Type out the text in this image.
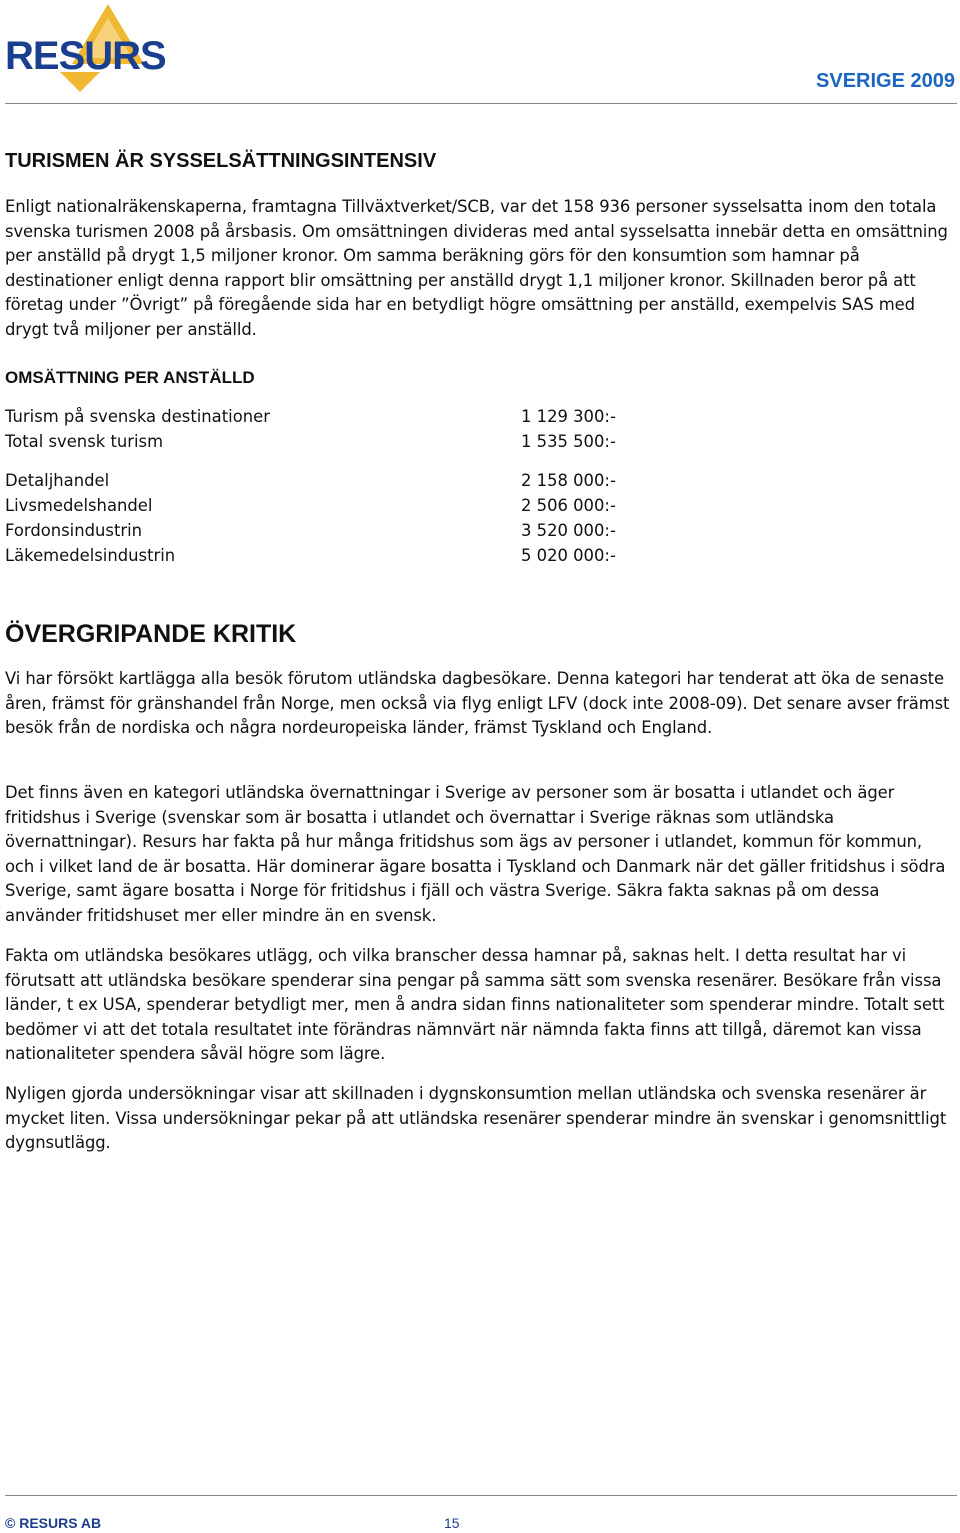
RESURS
SVERIGE 2009
TURISMEN ÄR SYSSELSÄTTNINGSINTENSIV

Enligt nationalräkenskaperna, framtagna Tillväxtverket/SCB, var det 158 936 personer sysselsatta inom den totala svenska turismen 2008 på årsbasis. Om omsättningen divideras med antal sysselsatta innebär detta en omsättning per anställd på drygt 1,5 miljoner kronor. Om samma beräkning görs för den konsumtion som hamnar på destinationer enligt denna rapport blir omsättning per anställd drygt 1,1 miljoner kronor. Skillnaden beror på att företag under ”Övrigt” på föregående sida har en betydligt högre omsättning per anställd, exempelvis SAS med drygt två miljoner per anställd.

OMSÄTTNING PER ANSTÄLLD
Turism på svenska destinationer	1 129 300:-
Total svensk turism	1 535 500:-
Detaljhandel	2 158 000:-
Livsmedelshandel	2 506 000:-
Fordonsindustrin	3 520 000:-
Läkemedelsindustrin	5 020 000:-
ÖVERGRIPANDE KRITIK

Vi har försökt kartlägga alla besök förutom utländska dagbesökare. Denna kategori har tenderat att öka de senaste åren, främst för gränshandel från Norge, men också via flyg enligt LFV (dock inte 2008-09). Det senare avser främst besök från de nordiska och några nordeuropeiska länder, främst Tyskland och England.

Det finns även en kategori utländska övernattningar i Sverige av personer som är bosatta i utlandet och äger fritidshus i Sverige (svenskar som är bosatta i utlandet och övernattar i Sverige räknas som utländska övernattningar). Resurs har fakta på hur många fritidshus som ägs av personer i utlandet, kommun för kommun, och i vilket land de är bosatta. Här dominerar ägare bosatta i Tyskland och Danmark när det gäller fritidshus i södra Sverige, samt ägare bosatta i Norge för fritidshus i fjäll och västra Sverige. Säkra fakta saknas på om dessa använder fritidshuset mer eller mindre än en svensk.

Fakta om utländska besökares utlägg, och vilka branscher dessa hamnar på, saknas helt. I detta resultat har vi förutsatt att utländska besökare spenderar sina pengar på samma sätt som svenska resenärer. Besökare från vissa länder, t ex USA, spenderar betydligt mer, men å andra sidan finns nationaliteter som spenderar mindre. Totalt sett bedömer vi att det totala resultatet inte förändras nämnvärt när nämnda fakta finns att tillgå, däremot kan vissa nationaliteter spendera såväl högre som lägre.

Nyligen gjorda undersökningar visar att skillnaden i dygnskonsumtion mellan utländska och svenska resenärer är mycket liten. Vissa undersökningar pekar på att utländska resenärer spenderar mindre än svenskar i genomsnittligt dygnsutlägg.

© RESURS AB	15
